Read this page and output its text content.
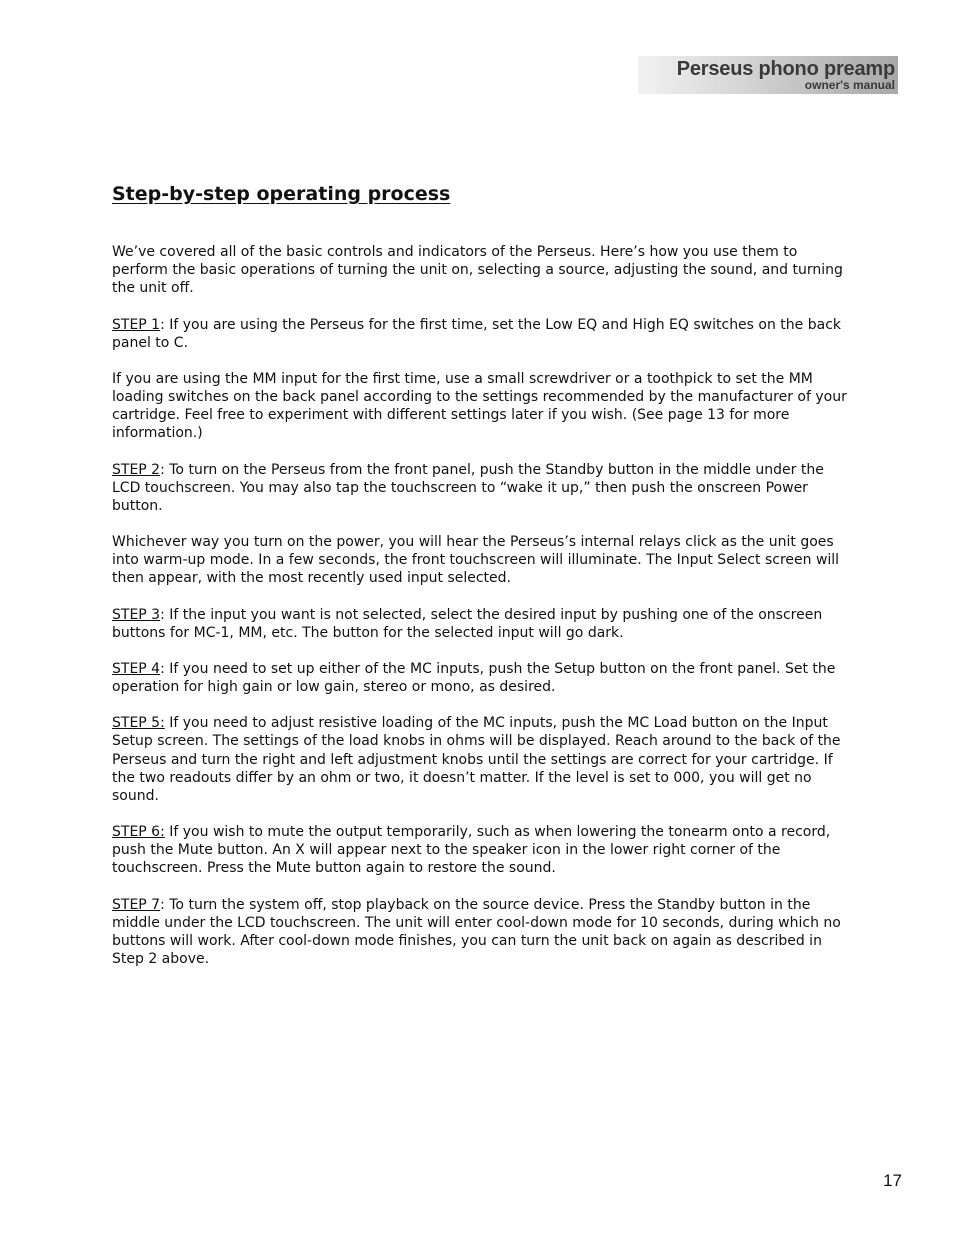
Perseus phono preamp
owner's manual
Step-by-step operating process

We’ve covered all of the basic controls and indicators of the Perseus. Here’s how you use them to perform the basic operations of turning the unit on, selecting a source, adjusting the sound, and turning the unit off.

STEP 1: If you are using the Perseus for the first time, set the Low EQ and High EQ switches on the back panel to C.

If you are using the MM input for the first time, use a small screwdriver or a toothpick to set the MM loading switches on the back panel according to the settings recommended by the manufacturer of your cartridge. Feel free to experiment with different settings later if you wish. (See page 13 for more information.)

STEP 2: To turn on the Perseus from the front panel, push the Standby button in the middle under the LCD touchscreen. You may also tap the touchscreen to “wake it up,” then push the onscreen Power button.

Whichever way you turn on the power, you will hear the Perseus’s internal relays click as the unit goes into warm-up mode. In a few seconds, the front touchscreen will illuminate. The Input Select screen will then appear, with the most recently used input selected.

STEP 3: If the input you want is not selected, select the desired input by pushing one of the onscreen buttons for MC-1, MM, etc. The button for the selected input will go dark.

STEP 4: If you need to set up either of the MC inputs, push the Setup button on the front panel. Set the operation for high gain or low gain, stereo or mono, as desired.

STEP 5: If you need to adjust resistive loading of the MC inputs, push the MC Load button on the Input Setup screen. The settings of the load knobs in ohms will be displayed. Reach around to the back of the Perseus and turn the right and left adjustment knobs until the settings are correct for your cartridge. If the two readouts differ by an ohm or two, it doesn’t matter. If the level is set to 000, you will get no sound.

STEP 6: If you wish to mute the output temporarily, such as when lowering the tonearm onto a record, push the Mute button. An X will appear next to the speaker icon in the lower right corner of the touchscreen. Press the Mute button again to restore the sound.

STEP 7: To turn the system off, stop playback on the source device. Press the Standby button in the middle under the LCD touchscreen. The unit will enter cool-down mode for 10 seconds, during which no buttons will work. After cool-down mode finishes, you can turn the unit back on again as described in Step 2 above.

17
